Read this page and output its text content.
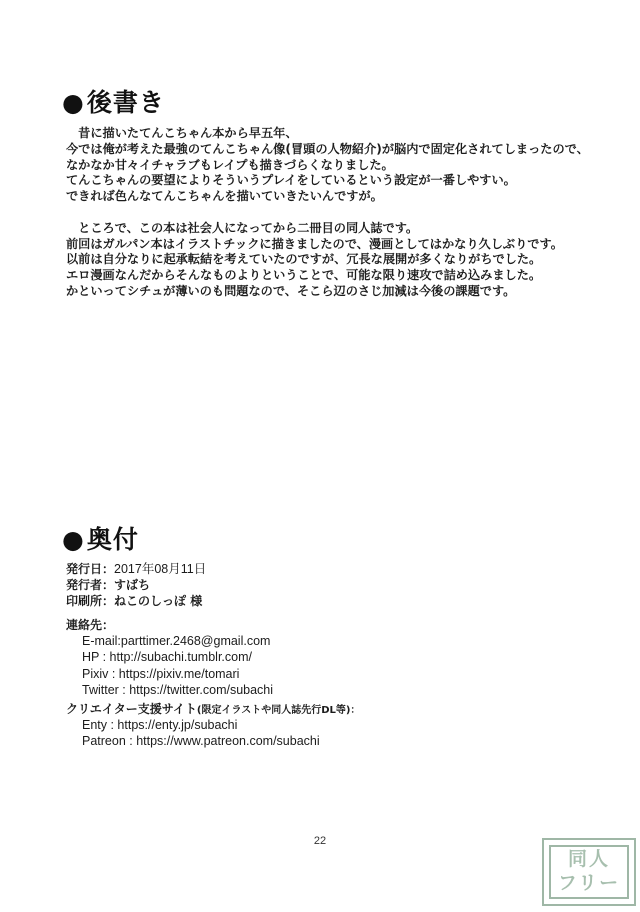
●後書き
　昔に描いたてんこちゃん本から早五年、
今では俺が考えた最強のてんこちゃん像(冒頭の人物紹介)が脳内で固定化されてしまったので、
なかなか甘々イチャラブもレイプも描きづらくなりました。
てんこちゃんの要望によりそういうプレイをしているという設定が一番しやすい。
できれば色んなてんこちゃんを描いていきたいんですが。
　ところで、この本は社会人になってから二冊目の同人誌です。
前回はガルパン本はイラストチックに描きましたので、漫画としてはかなり久しぶりです。
以前は自分なりに起承転結を考えていたのですが、冗長な展開が多くなりがちでした。
エロ漫画なんだからそんなものよりということで、可能な限り速攻で詰め込みました。
かといってシチュが薄いのも問題なので、そこら辺のさじ加減は今後の課題です。
●奥付
発行日：2017年08月11日
発行者：すばち
印刷所：ねこのしっぽ 様
連絡先：
E-mail:parttimer.2468@gmail.com
HP : http://subachi.tumblr.com/
Pixiv : https://pixiv.me/tomari
Twitter : https://twitter.com/subachi
クリエイター支援サイト(限定イラストや同人誌先行DL等)：
Enty : https://enty.jp/subachi
Patreon : https://www.patreon.com/subachi
22
同人
フリー
